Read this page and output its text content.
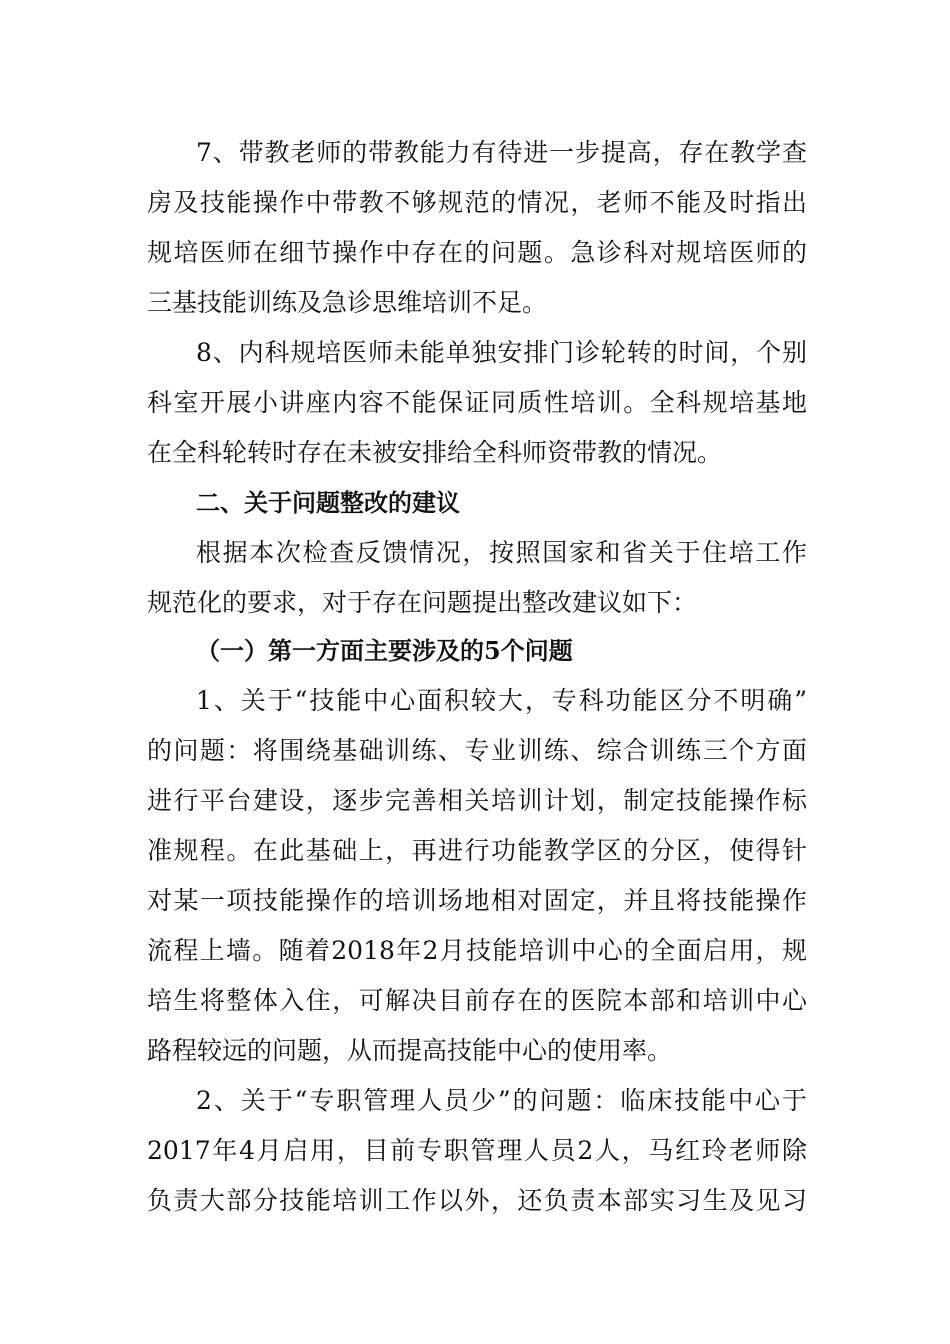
7、带教老师的带教能力有待进一步提高，存在教学查
房及技能操作中带教不够规范的情况，老师不能及时指出
规培医师在细节操作中存在的问题。急诊科对规培医师的
三基技能训练及急诊思维培训不足。
8、内科规培医师未能单独安排门诊轮转的时间，个别
科室开展小讲座内容不能保证同质性培训。全科规培基地
在全科轮转时存在未被安排给全科师资带教的情况。
二、关于问题整改的建议
根据本次检查反馈情况，按照国家和省关于住培工作
规范化的要求，对于存在问题提出整改建议如下：
（一）第一方面主要涉及的5个问题
1、关于“技能中心面积较大，专科功能区分不明确”
的问题：将围绕基础训练、专业训练、综合训练三个方面
进行平台建设，逐步完善相关培训计划，制定技能操作标
准规程。在此基础上，再进行功能教学区的分区，使得针
对某一项技能操作的培训场地相对固定，并且将技能操作
流程上墙。随着2018年2月技能培训中心的全面启用，规
培生将整体入住，可解决目前存在的医院本部和培训中心
路程较远的问题，从而提高技能中心的使用率。
2、关于“专职管理人员少”的问题：临床技能中心于
2017年4月启用，目前专职管理人员2人，马红玲老师除
负责大部分技能培训工作以外，还负责本部实习生及见习
